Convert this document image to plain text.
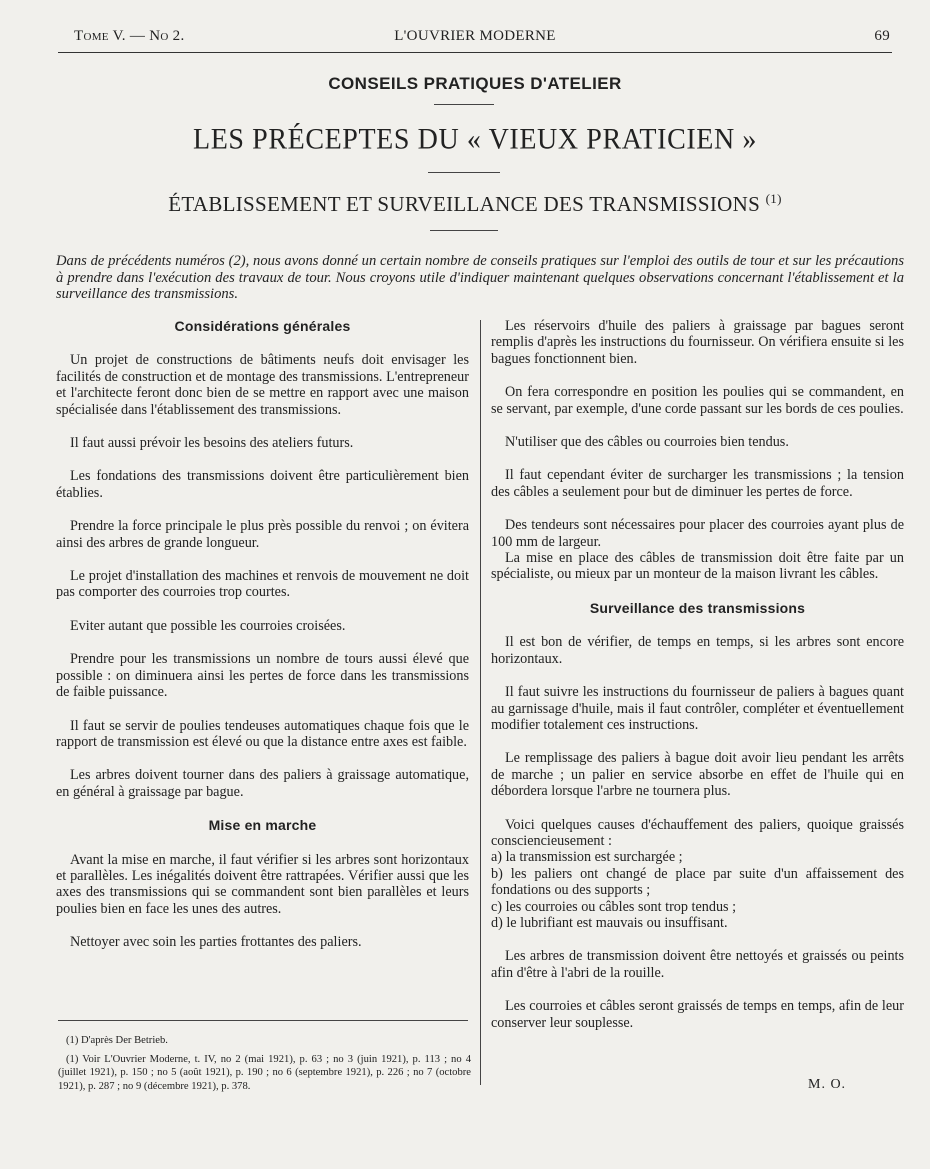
Tome V. — No 2.	L'OUVRIER MODERNE	69
CONSEILS PRATIQUES D'ATELIER
LES PRÉCEPTES DU « VIEUX PRATICIEN »
ÉTABLISSEMENT ET SURVEILLANCE DES TRANSMISSIONS $^{(1)}$
Dans de précédents numéros (2), nous avons donné un certain nombre de conseils pratiques sur l'emploi des outils de tour et sur les précautions à prendre dans l'exécution des travaux de tour. Nous croyons utile d'indiquer maintenant quelques observations concernant l'établissement et la surveillance des transmissions.
Considérations générales

Un projet de constructions de bâtiments neufs doit envisager les facilités de construction et de montage des transmissions. L'entrepreneur et l'architecte feront donc bien de se mettre en rapport avec une maison spécialisée dans l'établissement des transmissions.

Il faut aussi prévoir les besoins des ateliers futurs.

Les fondations des transmissions doivent être particulièrement bien établies.

Prendre la force principale le plus près possible du renvoi ; on évitera ainsi des arbres de grande longueur.

Le projet d'installation des machines et renvois de mouvement ne doit pas comporter des courroies trop courtes.

Eviter autant que possible les courroies croisées.

Prendre pour les transmissions un nombre de tours aussi élevé que possible : on diminuera ainsi les pertes de force dans les transmissions de faible puissance.

Il faut se servir de poulies tendeuses automatiques chaque fois que le rapport de transmission est élevé ou que la distance entre axes est faible.

Les arbres doivent tourner dans des paliers à graissage automatique, en général à graissage par bague.

Mise en marche

Avant la mise en marche, il faut vérifier si les arbres sont horizontaux et parallèles. Les inégalités doivent être rattrapées. Vérifier aussi que les axes des transmissions qui se commandent sont bien parallèles et leurs poulies bien en face les unes des autres.

Nettoyer avec soin les parties frottantes des paliers.

Les réservoirs d'huile des paliers à graissage par bagues seront remplis d'après les instructions du fournisseur. On vérifiera ensuite si les bagues fonctionnent bien.

On fera correspondre en position les poulies qui se commandent, en se servant, par exemple, d'une corde passant sur les bords de ces poulies.

N'utiliser que des câbles ou courroies bien tendus.

Il faut cependant éviter de surcharger les transmissions ; la tension des câbles a seulement pour but de diminuer les pertes de force.

Des tendeurs sont nécessaires pour placer des courroies ayant plus de 100 mm de largeur.

La mise en place des câbles de transmission doit être faite par un spécialiste, ou mieux par un monteur de la maison livrant les câbles.

Surveillance des transmissions

Il est bon de vérifier, de temps en temps, si les arbres sont encore horizontaux.

Il faut suivre les instructions du fournisseur de paliers à bagues quant au garnissage d'huile, mais il faut contrôler, compléter et éventuellement modifier totalement ces instructions.

Le remplissage des paliers à bague doit avoir lieu pendant les arrêts de marche ; un palier en service absorbe en effet de l'huile qui en débordera lorsque l'arbre ne tournera plus.

Voici quelques causes d'échauffement des paliers, quoique graissés consciencieusement :

a) la transmission est surchargée ;

b) les paliers ont changé de place par suite d'un affaissement des fondations ou des supports ;

c) les courroies ou câbles sont trop tendus ;

d) le lubrifiant est mauvais ou insuffisant.

Les arbres de transmission doivent être nettoyés et graissés ou peints afin d'être à l'abri de la rouille.

Les courroies et câbles seront graissés de temps en temps, afin de leur conserver leur souplesse.

(1) D'après Der Betrieb.

(1) Voir L'Ouvrier Moderne, t. IV, no 2 (mai 1921), p. 63 ; no 3 (juin 1921), p. 113 ; no 4 (juillet 1921), p. 150 ; no 5 (août 1921), p. 190 ; no 6 (septembre 1921), p. 226 ; no 7 (octobre 1921), p. 287 ; no 9 (décembre 1921), p. 378.	M. O.
